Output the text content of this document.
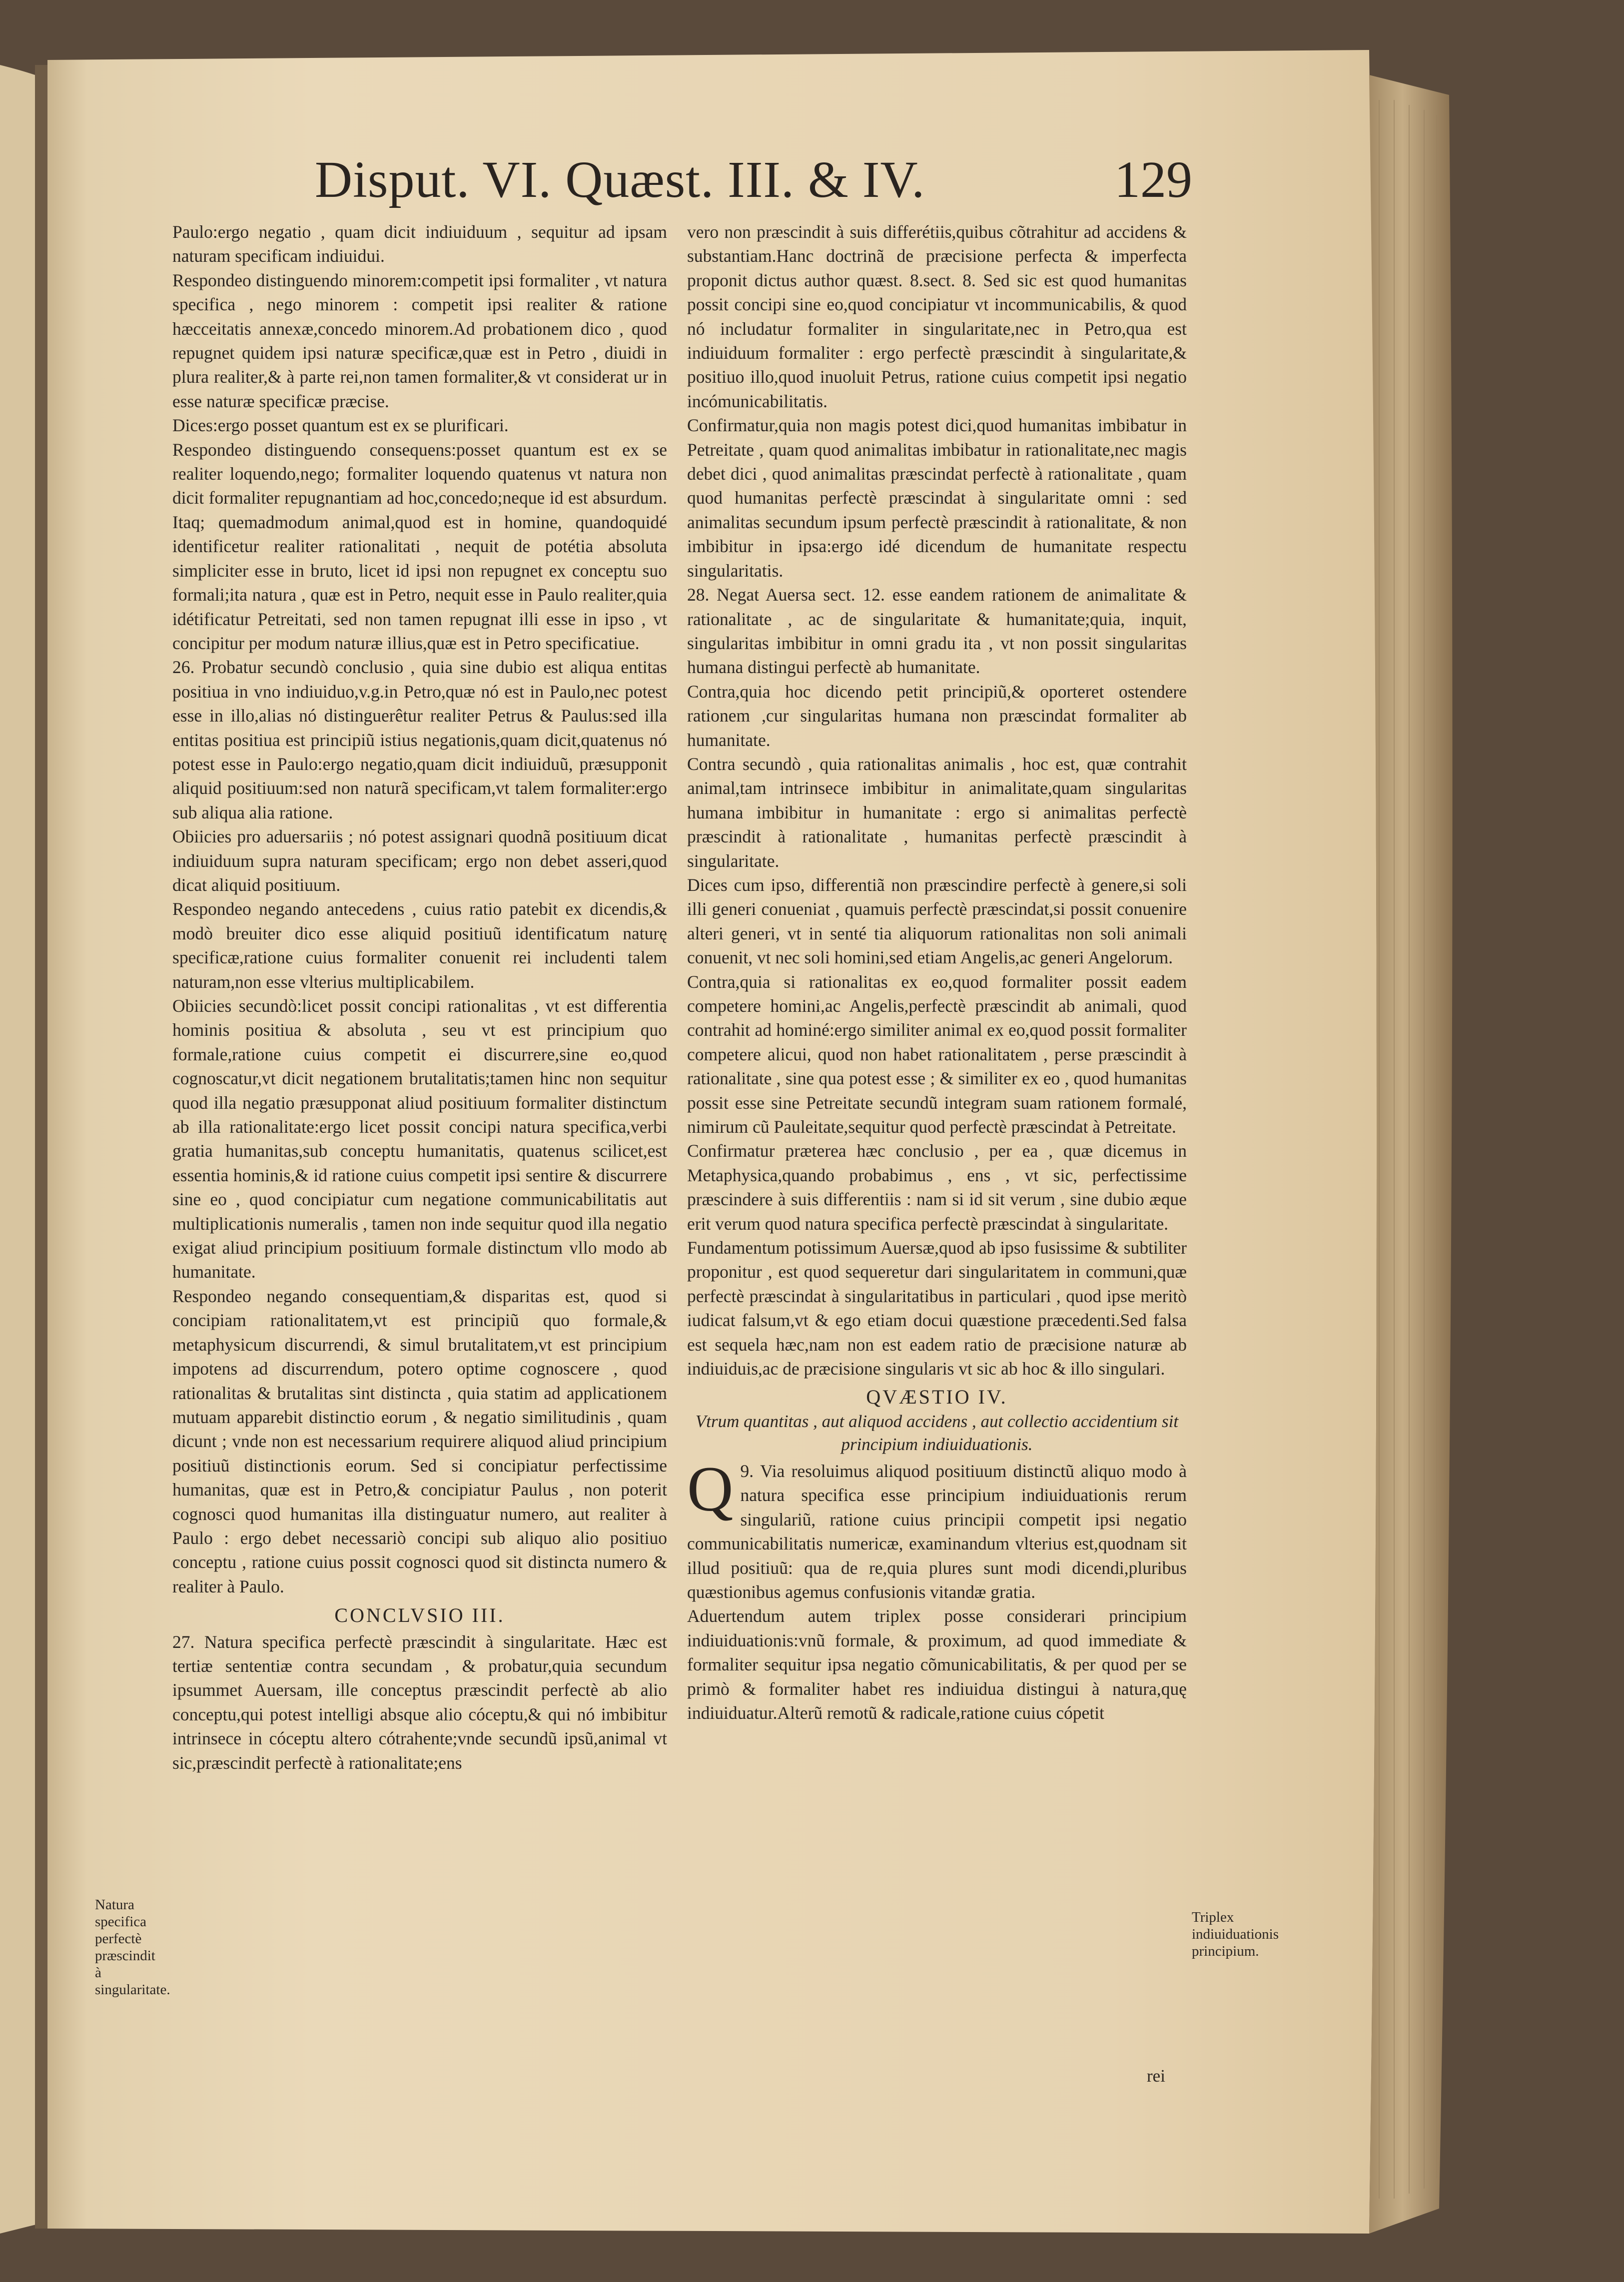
Disput. VI. Quæst. III. & IV.	129

Paulo:ergo negatio , quam dicit indiuiduum , sequitur ad ipsam naturam specificam indiuidui.

Respondeo distinguendo minorem:competit ipsi formaliter , vt natura specifica , nego minorem : competit ipsi realiter & ratione hæcceitatis annexæ,concedo minorem.Ad probationem dico , quod repugnet quidem ipsi naturæ specificæ,quæ est in Petro , diuidi in plura realiter,& à parte rei,non tamen formaliter,& vt considerat ur in esse naturæ specificæ præcise.

Dices:ergo posset quantum est ex se plurificari.

Respondeo distinguendo consequens:posset quantum est ex se realiter loquendo,nego; formaliter loquendo quatenus vt natura non dicit formaliter repugnantiam ad hoc,concedo;neque id est absurdum. Itaq; quemadmodum animal,quod est in homine, quandoquidé identificetur realiter rationalitati , nequit de potétia absoluta simpliciter esse in bruto, licet id ipsi non repugnet ex conceptu suo formali;ita natura , quæ est in Petro, nequit esse in Paulo realiter,quia idétificatur Petreitati, sed non tamen repugnat illi esse in ipso , vt concipitur per modum naturæ illius,quæ est in Petro specificatiue.

26. Probatur secundò conclusio , quia sine dubio est aliqua entitas positiua in vno indiuiduo,v.g.in Petro,quæ nó est in Paulo,nec potest esse in illo,alias nó distinguerêtur realiter Petrus & Paulus:sed illa entitas positiua est principiũ istius negationis,quam dicit,quatenus nó potest esse in Paulo:ergo negatio,quam dicit indiuiduũ, præsupponit aliquid positiuum:sed non naturã specificam,vt talem formaliter:ergo sub aliqua alia ratione.

Obiicies pro aduersariis ; nó potest assignari quodnã positiuum dicat indiuiduum supra naturam specificam; ergo non debet asseri,quod dicat aliquid positiuum.

Respondeo negando antecedens , cuius ratio patebit ex dicendis,& modò breuiter dico esse aliquid positiuũ identificatum naturę specificæ,ratione cuius formaliter conuenit rei includenti talem naturam,non esse vlterius multiplicabilem.

Obiicies secundò:licet possit concipi rationalitas , vt est differentia hominis positiua & absoluta , seu vt est principium quo formale,ratione cuius competit ei discurrere,sine eo,quod cognoscatur,vt dicit negationem brutalitatis;tamen hinc non sequitur quod illa negatio præsupponat aliud positiuum formaliter distinctum ab illa rationalitate:ergo licet possit concipi natura specifica,verbi gratia humanitas,sub conceptu humanitatis, quatenus scilicet,est essentia hominis,& id ratione cuius competit ipsi sentire & discurrere sine eo , quod concipiatur cum negatione communicabilitatis aut multiplicationis numeralis , tamen non inde sequitur quod illa negatio exigat aliud principium positiuum formale distinctum vllo modo ab humanitate.

Respondeo negando consequentiam,& disparitas est, quod si concipiam rationalitatem,vt est principiũ quo formale,& metaphysicum discurrendi, & simul brutalitatem,vt est principium impotens ad discurrendum, potero optime cognoscere , quod rationalitas & brutalitas sint distincta , quia statim ad applicationem mutuam apparebit distinctio eorum , & negatio similitudinis , quam dicunt ; vnde non est necessarium requirere aliquod aliud principium positiuũ distinctionis eorum. Sed si concipiatur perfectissime humanitas, quæ est in Petro,& concipiatur Paulus , non poterit cognosci quod humanitas illa distinguatur numero, aut realiter à Paulo : ergo debet necessariò concipi sub aliquo alio positiuo conceptu , ratione cuius possit cognosci quod sit distincta numero & realiter à Paulo.

CONCLVSIO III.

27. Natura specifica perfectè præscindit à singularitate. Hæc est tertiæ sententiæ contra secundam , & probatur,quia secundum ipsummet Auersam, ille conceptus præscindit perfectè ab alio conceptu,qui potest intelligi absque alio cóceptu,& qui nó imbibitur intrinsece in cóceptu altero cótrahente;vnde secundũ ipsũ,animal vt sic,præscindit perfectè à rationalitate;ens

vero non præscindit à suis differétiis,quibus cõtrahitur ad accidens & substantiam.Hanc doctrinã de præcisione perfecta & imperfecta proponit dictus author quæst. 8.sect. 8. Sed sic est quod humanitas possit concipi sine eo,quod concipiatur vt incommunicabilis, & quod nó includatur formaliter in singularitate,nec in Petro,qua est indiuiduum formaliter : ergo perfectè præscindit à singularitate,& positiuo illo,quod inuoluit Petrus, ratione cuius competit ipsi negatio incómunicabilitatis.

Confirmatur,quia non magis potest dici,quod humanitas imbibatur in Petreitate , quam quod animalitas imbibatur in rationalitate,nec magis debet dici , quod animalitas præscindat perfectè à rationalitate , quam quod humanitas perfectè præscindat à singularitate omni : sed animalitas secundum ipsum perfectè præscindit à rationalitate, & non imbibitur in ipsa:ergo idé dicendum de humanitate respectu singularitatis.

28. Negat Auersa sect. 12. esse eandem rationem de animalitate & rationalitate , ac de singularitate & humanitate;quia, inquit, singularitas imbibitur in omni gradu ita , vt non possit singularitas humana distingui perfectè ab humanitate.

Contra,quia hoc dicendo petit principiũ,& oporteret ostendere rationem ,cur singularitas humana non præscindat formaliter ab humanitate.

Contra secundò , quia rationalitas animalis , hoc est, quæ contrahit animal,tam intrinsece imbibitur in animalitate,quam singularitas humana imbibitur in humanitate : ergo si animalitas perfectè præscindit à rationalitate , humanitas perfectè præscindit à singularitate.

Dices cum ipso, differentiã non præscindire perfectè à genere,si soli illi generi conueniat , quamuis perfectè præscindat,si possit conuenire alteri generi, vt in senté tia aliquorum rationalitas non soli animali conuenit, vt nec soli homini,sed etiam Angelis,ac generi Angelorum.

Contra,quia si rationalitas ex eo,quod formaliter possit eadem competere homini,ac Angelis,perfectè præscindit ab animali, quod contrahit ad hominé:ergo similiter animal ex eo,quod possit formaliter competere alicui, quod non habet rationalitatem , perse præscindit à rationalitate , sine qua potest esse ; & similiter ex eo , quod humanitas possit esse sine Petreitate secundũ integram suam rationem formalé, nimirum cũ Pauleitate,sequitur quod perfectè præscindat à Petreitate.

Confirmatur præterea hæc conclusio , per ea , quæ dicemus in Metaphysica,quando probabimus , ens , vt sic, perfectissime præscindere à suis differentiis : nam si id sit verum , sine dubio æque erit verum quod natura specifica perfectè præscindat à singularitate.

Fundamentum potissimum Auersæ,quod ab ipso fusissime & subtiliter proponitur , est quod sequeretur dari singularitatem in communi,quæ perfectè præscindat à singularitatibus in particulari , quod ipse meritò iudicat falsum,vt & ego etiam docui quæstione præcedenti.Sed falsa est sequela hæc,nam non est eadem ratio de præcisione naturæ ab indiuiduis,ac de præcisione singularis vt sic ab hoc & illo singulari.

QVÆSTIO IV.
Vtrum quantitas , aut aliquod accidens , aut collectio accidentium sit principium indiuiduationis.

9.
Q Via resoluimus aliquod positiuum distinctũ aliquo modo à natura specifica esse principium indiuiduationis rerum singulariũ, ratione cuius principii competit ipsi negatio communicabilitatis numericæ, examinandum vlterius est,quodnam sit illud positiuũ: qua de re,quia plures sunt modi dicendi,pluribus quæstionibus agemus confusionis vitandæ gratia.

Aduertendum autem triplex posse considerari principium indiuiduationis:vnũ formale, & proximum, ad quod immediate & formaliter sequitur ipsa negatio cõmunicabilitatis, & per quod per se primò & formaliter habet res indiuidua distingui à natura,quę indiuiduatur.Alterũ remotũ & radicale,ratione cuius cópetit

Natura specifica perfectè præscindit à singularitate.
Triplex indiuiduationis principium.
rei
